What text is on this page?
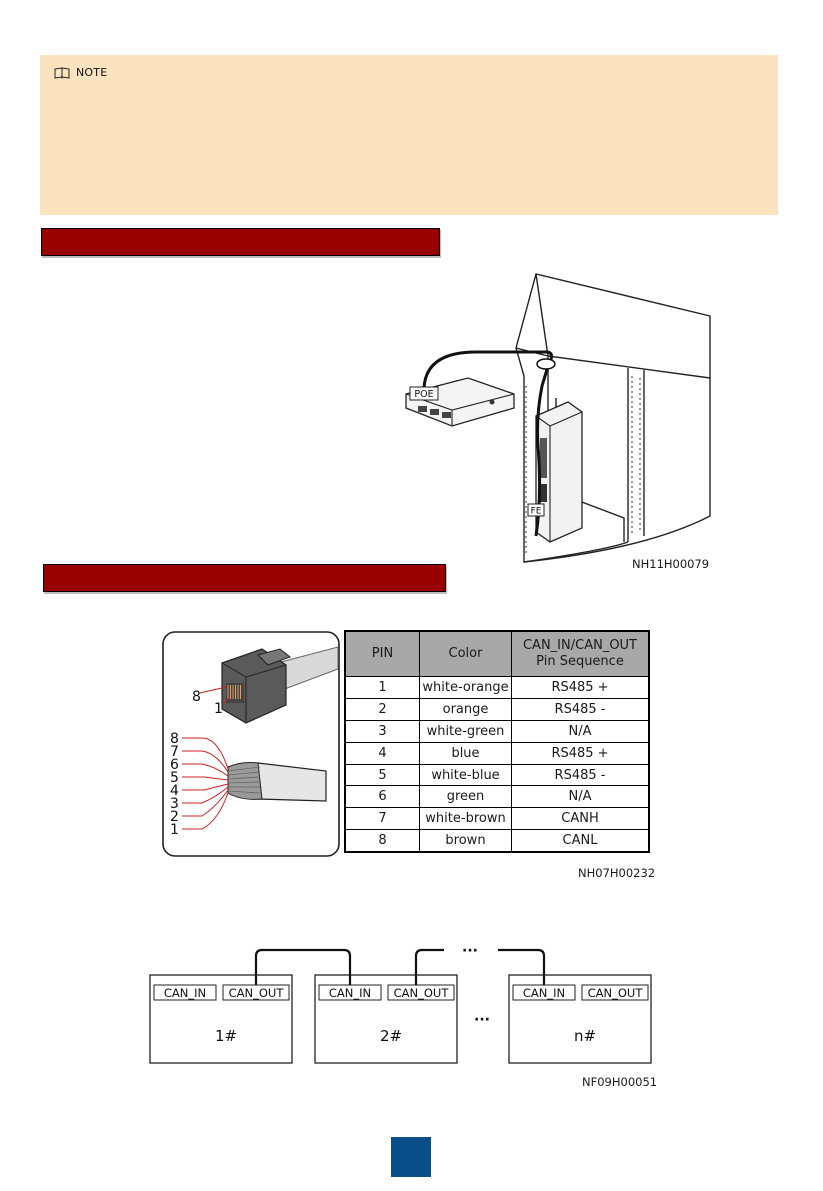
NOTE
POE
FE
NH11H00079
8
1
8
7
6
5
4
3
2
1
PIN	Color	CAN_IN/CAN_OUT
Pin Sequence

1	white-orange	RS485 +
2	orange	RS485 -
3	white-green	N/A
4	blue	RS485 +
5	white-blue	RS485 -
6	green	N/A
7	white-brown	CANH
8	brown	CANL
NH07H00232
CAN_IN CAN_OUT	CAN_IN CAN_OUT	CAN_IN CAN_OUT
1#	2#	n#
···
···
NF09H00051
